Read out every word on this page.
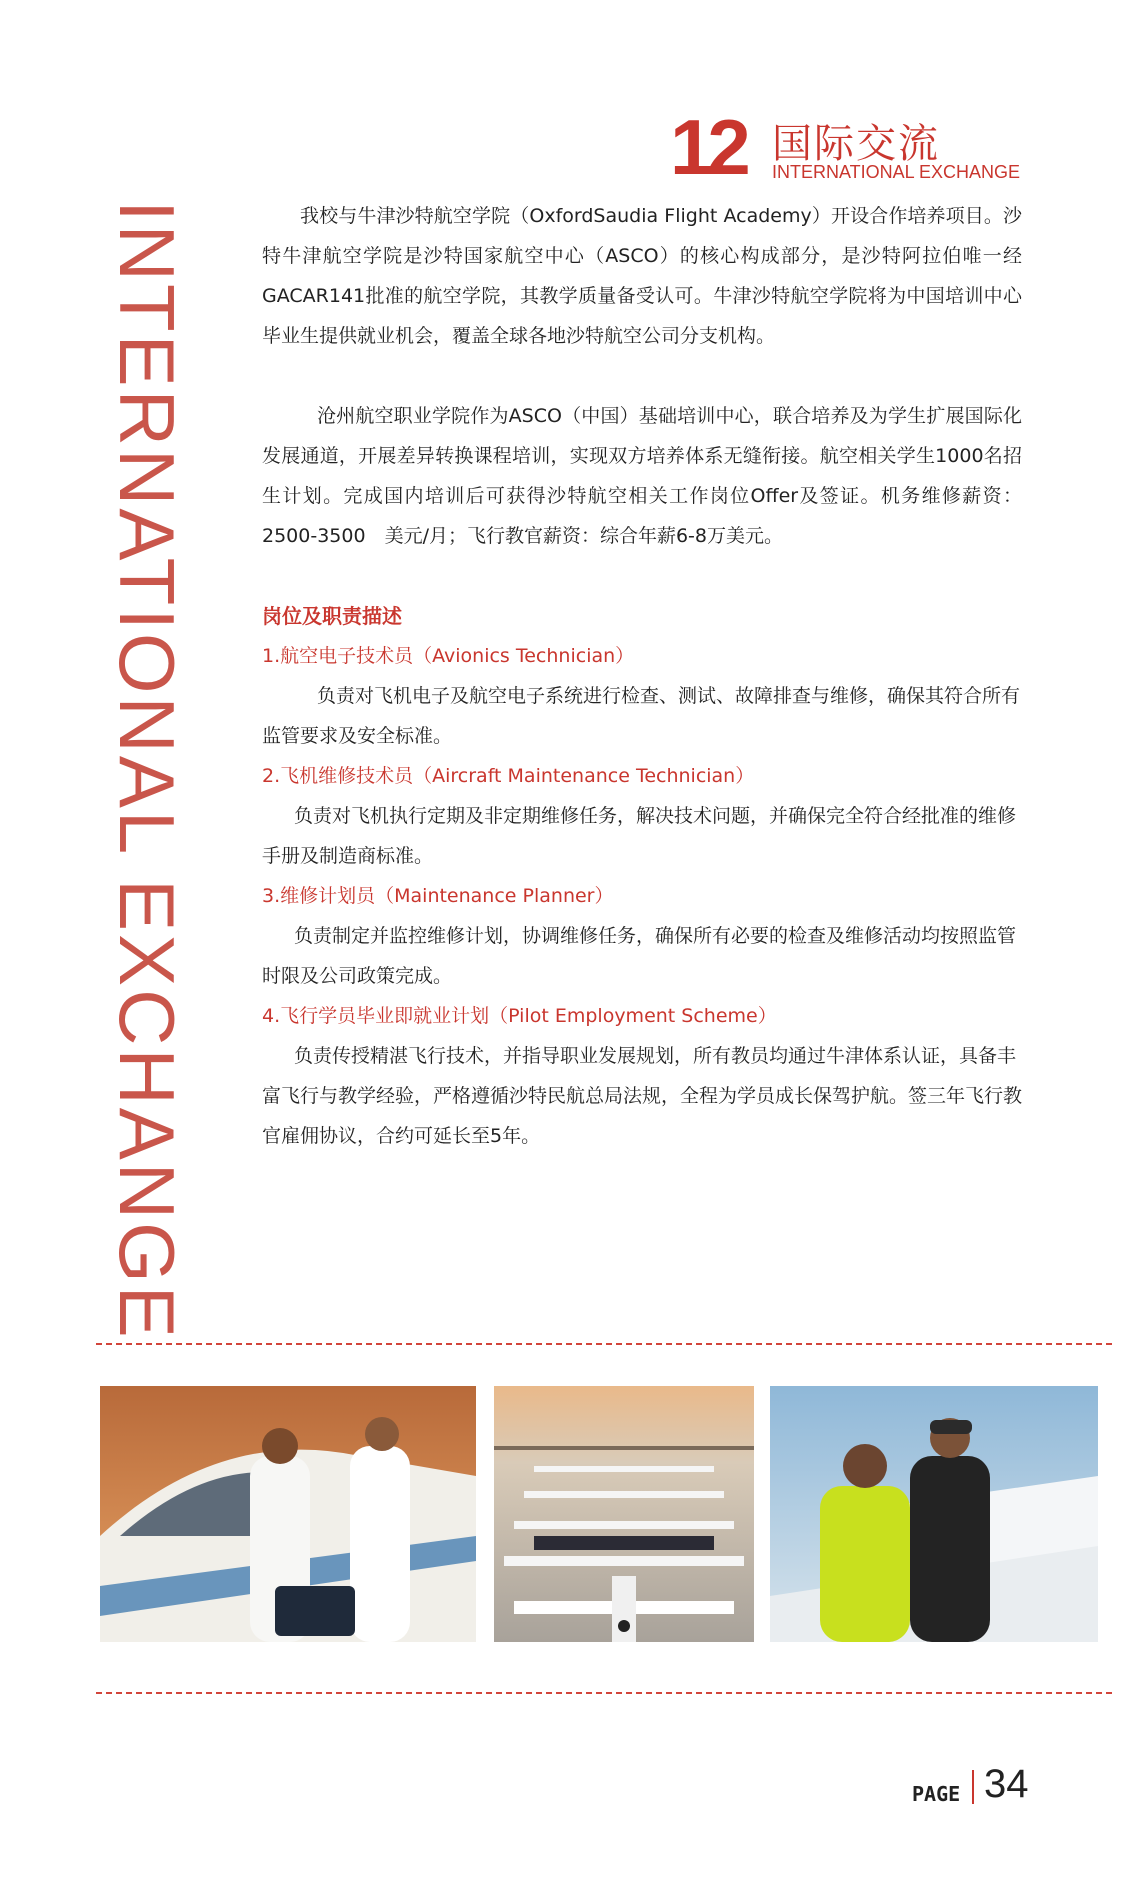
12 国际交流
INTERNATIONAL EXCHANGE
INTERNATIONAL EXCHANGE	我校与牛津沙特航空学院（OxfordSaudia Flight Academy）开设合作培养项目。沙特牛津航空学院是沙特国家航空中心（ASCO）的核心构成部分，是沙特阿拉伯唯一经GACAR141批准的航空学院，其教学质量备受认可。牛津沙特航空学院将为中国培训中心毕业生提供就业机会，覆盖全球各地沙特航空公司分支机构。

沧州航空职业学院作为ASCO（中国）基础培训中心，联合培养及为学生扩展国际化发展通道，开展差异转换课程培训，实现双方培养体系无缝衔接。航空相关学生1000名招生计划。完成国内培训后可获得沙特航空相关工作岗位Offer及签证。机务维修薪资：2500-3500　美元/月；飞行教官薪资：综合年薪6-8万美元。

岗位及职责描述
1.航空电子技术员（Avionics Technician）
负责对飞机电子及航空电子系统进行检查、测试、故障排查与维修，确保其符合所有监管要求及安全标准。
2.飞机维修技术员（Aircraft Maintenance Technician）
负责对飞机执行定期及非定期维修任务，解决技术问题，并确保完全符合经批准的维修手册及制造商标准。
3.维修计划员（Maintenance Planner）
负责制定并监控维修计划，协调维修任务，确保所有必要的检查及维修活动均按照监管时限及公司政策完成。
4.飞行学员毕业即就业计划（Pilot Employment Scheme）
负责传授精湛飞行技术，并指导职业发展规划，所有教员均通过牛津体系认证，具备丰富飞行与教学经验，严格遵循沙特民航总局法规，全程为学员成长保驾护航。签三年飞行教官雇佣协议，合约可延长至5年。
PAGE 34
